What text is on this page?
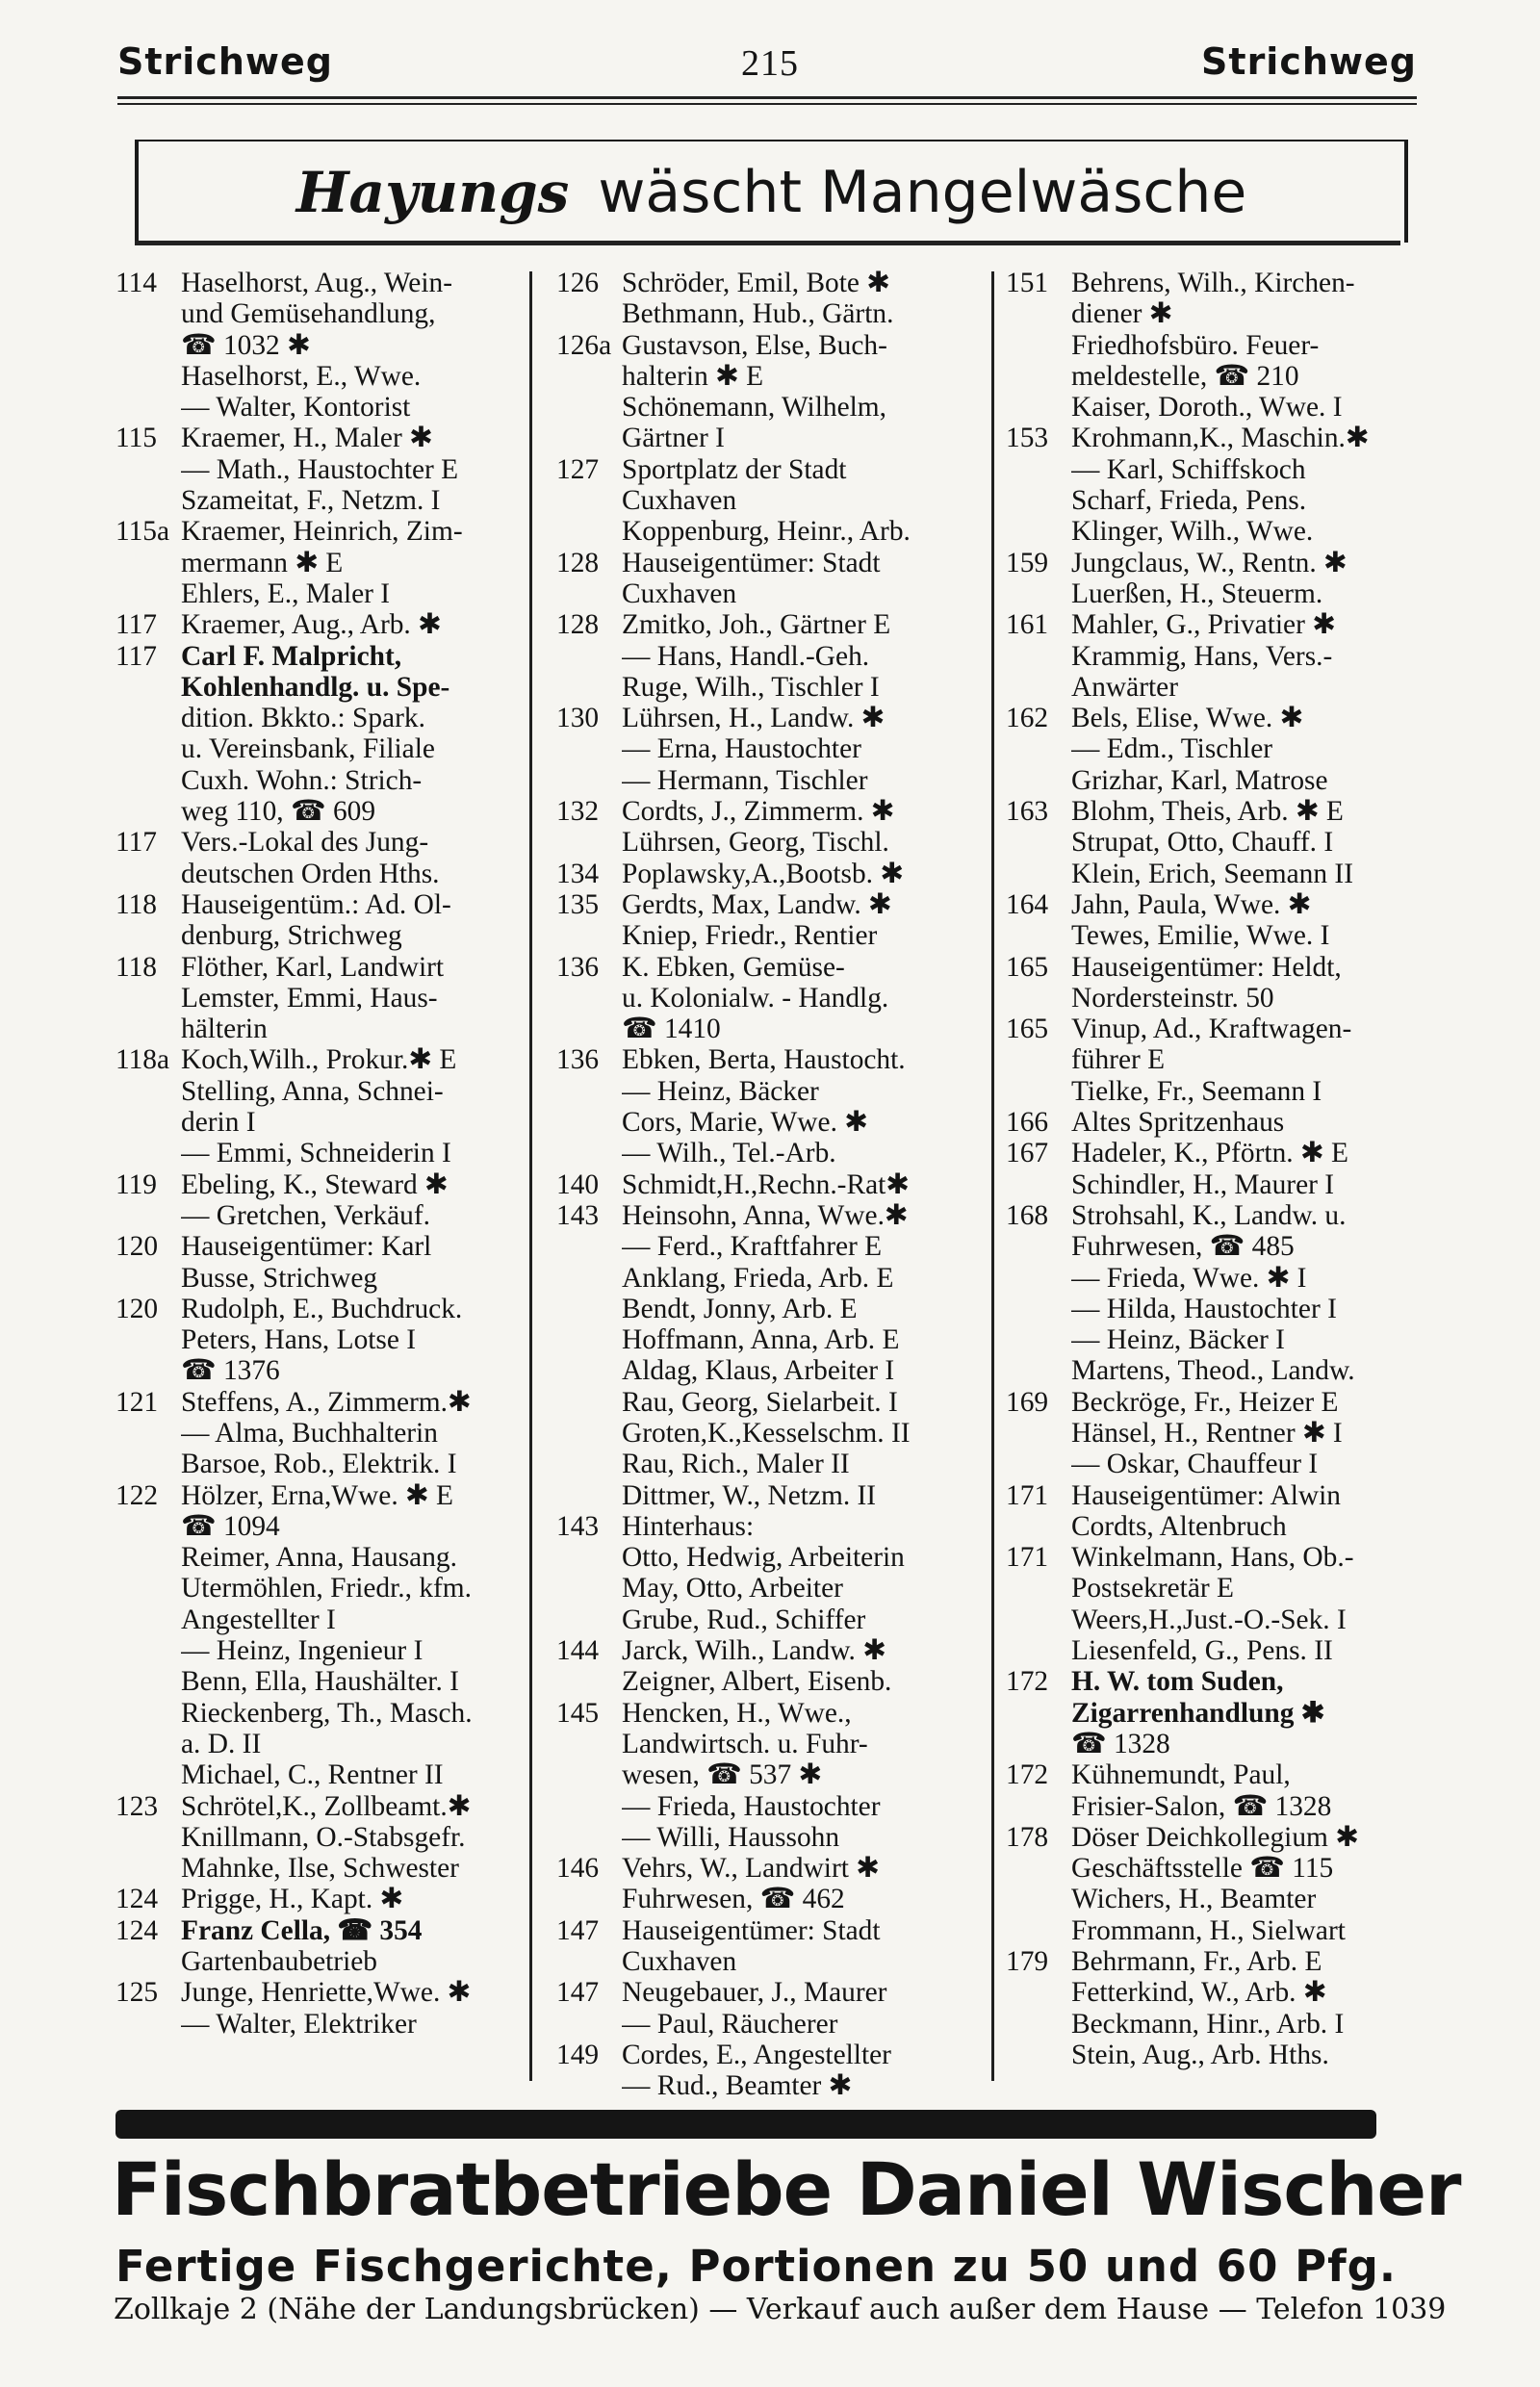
Strichweg	215	Strichweg
Hayungs wäscht Mangelwäsche
114 Haselhorst, Aug., Wein-
und Gemüsehandlung,
☎ 1032 ✱
Haselhorst, E., Wwe.
— Walter, Kontorist
115 Kraemer, H., Maler ✱
— Math., Haustochter E
Szameitat, F., Netzm. I
115a Kraemer, Heinrich, Zim-
mermann ✱ E
Ehlers, E., Maler I
117 Kraemer, Aug., Arb. ✱
117 Carl F. Malpricht,
Kohlenhandlg. u. Spe-
dition. Bkkto.: Spark.
u. Vereinsbank, Filiale
Cuxh. Wohn.: Strich-
weg 110, ☎ 609
117 Vers.-Lokal des Jung-
deutschen Orden Hths.
118 Hauseigentüm.: Ad. Ol-
denburg, Strichweg
118 Flöther, Karl, Landwirt
Lemster, Emmi, Haus-
hälterin
118a Koch,Wilh., Prokur.✱ E
Stelling, Anna, Schnei-
derin I
— Emmi, Schneiderin I
119 Ebeling, K., Steward ✱
— Gretchen, Verkäuf.
120 Hauseigentümer: Karl
Busse, Strichweg
120 Rudolph, E., Buchdruck.
Peters, Hans, Lotse I
☎ 1376
121 Steffens, A., Zimmerm.✱
— Alma, Buchhalterin
Barsoe, Rob., Elektrik. I
122 Hölzer, Erna,Wwe. ✱ E
☎ 1094
Reimer, Anna, Hausang.
Utermöhlen, Friedr., kfm.
Angestellter I
— Heinz, Ingenieur I
Benn, Ella, Haushälter. I
Rieckenberg, Th., Masch.
a. D. II
Michael, C., Rentner II
123 Schrötel,K., Zollbeamt.✱
Knillmann, O.-Stabsgefr.
Mahnke, Ilse, Schwester
124 Prigge, H., Kapt. ✱
124 Franz Cella, ☎ 354
Gartenbaubetrieb
125 Junge, Henriette,Wwe. ✱
— Walter, Elektriker
126 Schröder, Emil, Bote ✱
Bethmann, Hub., Gärtn.
126a Gustavson, Else, Buch-
halterin ✱ E
Schönemann, Wilhelm,
Gärtner I
127 Sportplatz der Stadt
Cuxhaven
Koppenburg, Heinr., Arb.
128 Hauseigentümer: Stadt
Cuxhaven
128 Zmitko, Joh., Gärtner E
— Hans, Handl.-Geh.
Ruge, Wilh., Tischler I
130 Lührsen, H., Landw. ✱
— Erna, Haustochter
— Hermann, Tischler
132 Cordts, J., Zimmerm. ✱
Lührsen, Georg, Tischl.
134 Poplawsky,A.,Bootsb. ✱
135 Gerdts, Max, Landw. ✱
Kniep, Friedr., Rentier
136 K. Ebken, Gemüse-
u. Kolonialw. - Handlg.
☎ 1410
136 Ebken, Berta, Haustocht.
— Heinz, Bäcker
Cors, Marie, Wwe. ✱
— Wilh., Tel.-Arb.
140 Schmidt,H.,Rechn.-Rat✱
143 Heinsohn, Anna, Wwe.✱
— Ferd., Kraftfahrer E
Anklang, Frieda, Arb. E
Bendt, Jonny, Arb. E
Hoffmann, Anna, Arb. E
Aldag, Klaus, Arbeiter I
Rau, Georg, Sielarbeit. I
Groten,K.,Kesselschm. II
Rau, Rich., Maler II
Dittmer, W., Netzm. II
143 Hinterhaus:
Otto, Hedwig, Arbeiterin
May, Otto, Arbeiter
Grube, Rud., Schiffer
144 Jarck, Wilh., Landw. ✱
Zeigner, Albert, Eisenb.
145 Hencken, H., Wwe.,
Landwirtsch. u. Fuhr-
wesen, ☎ 537 ✱
— Frieda, Haustochter
— Willi, Haussohn
146 Vehrs, W., Landwirt ✱
Fuhrwesen, ☎ 462
147 Hauseigentümer: Stadt
Cuxhaven
147 Neugebauer, J., Maurer
— Paul, Räucherer
149 Cordes, E., Angestellter
— Rud., Beamter ✱
151 Behrens, Wilh., Kirchen-
diener ✱
Friedhofsbüro. Feuer-
meldestelle, ☎ 210
Kaiser, Doroth., Wwe. I
153 Krohmann,K., Maschin.✱
— Karl, Schiffskoch
Scharf, Frieda, Pens.
Klinger, Wilh., Wwe.
159 Jungclaus, W., Rentn. ✱
Luerßen, H., Steuerm.
161 Mahler, G., Privatier ✱
Krammig, Hans, Vers.-
Anwärter
162 Bels, Elise, Wwe. ✱
— Edm., Tischler
Grizhar, Karl, Matrose
163 Blohm, Theis, Arb. ✱ E
Strupat, Otto, Chauff. I
Klein, Erich, Seemann II
164 Jahn, Paula, Wwe. ✱
Tewes, Emilie, Wwe. I
165 Hauseigentümer: Heldt,
Nordersteinstr. 50
165 Vinup, Ad., Kraftwagen-
führer E
Tielke, Fr., Seemann I
166 Altes Spritzenhaus
167 Hadeler, K., Pförtn. ✱ E
Schindler, H., Maurer I
168 Strohsahl, K., Landw. u.
Fuhrwesen, ☎ 485
— Frieda, Wwe. ✱ I
— Hilda, Haustochter I
— Heinz, Bäcker I
Martens, Theod., Landw.
169 Beckröge, Fr., Heizer E
Hänsel, H., Rentner ✱ I
— Oskar, Chauffeur I
171 Hauseigentümer: Alwin
Cordts, Altenbruch
171 Winkelmann, Hans, Ob.-
Postsekretär E
Weers,H.,Just.-O.-Sek. I
Liesenfeld, G., Pens. II
172 H. W. tom Suden,
Zigarrenhandlung ✱
☎ 1328
172 Kühnemundt, Paul,
Frisier-Salon, ☎ 1328
178 Döser Deichkollegium ✱
Geschäftsstelle ☎ 115
Wichers, H., Beamter
Frommann, H., Sielwart
179 Behrmann, Fr., Arb. E
Fetterkind, W., Arb. ✱
Beckmann, Hinr., Arb. I
Stein, Aug., Arb. Hths.
Fischbratbetriebe Daniel Wischer
Fertige Fischgerichte, Portionen zu 50 und 60 Pfg.
Zollkaje 2 (Nähe der Landungsbrücken) — Verkauf auch außer dem Hause — Telefon 1039
